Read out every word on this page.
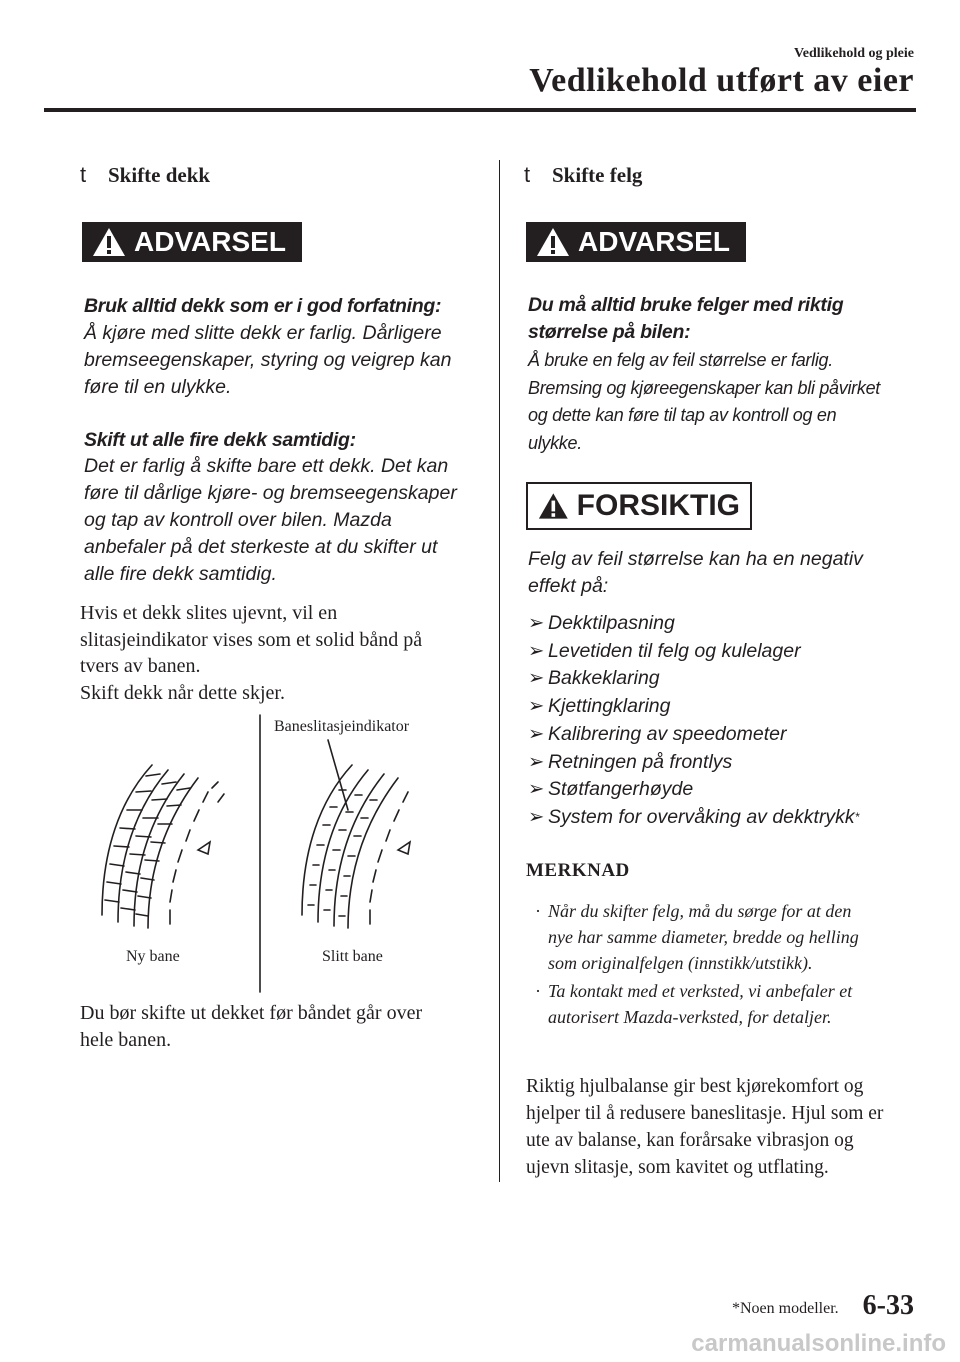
Vedlikehold og pleie
Vedlikehold utført av eier
t	Skifte dekk
ADVARSEL
Bruk alltid dekk som er i god forfatning:
Å kjøre med slitte dekk er farlig. Dårligere
bremseegenskaper, styring og veigrep kan
føre til en ulykke.
Skift ut alle fire dekk samtidig:
Det er farlig å skifte bare ett dekk. Det kan
føre til dårlige kjøre- og bremseegenskaper
og tap av kontroll over bilen. Mazda
anbefaler på det sterkeste at du skifter ut
alle fire dekk samtidig.
Hvis et dekk slites ujevnt, vil en
slitasjeindikator vises som et solid bånd på
tvers av banen.
Skift dekk når dette skjer.
Baneslitasjeindikator
Ny bane	Slitt bane
Du bør skifte ut dekket før båndet går over
hele banen.
t	Skifte felg
ADVARSEL
Du må alltid bruke felger med riktig
størrelse på bilen:
Å bruke en felg av feil størrelse er farlig.
Bremsing og kjøreegenskaper kan bli påvirket
og dette kan føre til tap av kontroll og en
ulykke.
FORSIKTIG
Felg av feil størrelse kan ha en negativ
effekt på:
➢ Dekktilpasning
➢ Levetiden til felg og kulelager
➢ Bakkeklaring
➢ Kjettingklaring
➢ Kalibrering av speedometer
➢ Retningen på frontlys
➢ Støtfangerhøyde
➢ System for overvåking av dekktrykk *
MERKNAD
· Når du skifter felg, må du sørge for at den
nye har samme diameter, bredde og helling
som originalfelgen (innstikk/utstikk).
· Ta kontakt med et verksted, vi anbefaler et
autorisert Mazda-verksted, for detaljer.
Riktig hjulbalanse gir best kjørekomfort og
hjelper til å redusere baneslitasje. Hjul som er
ute av balanse, kan forårsake vibrasjon og
ujevn slitasje, som kavitet og utflating.
*Noen modeller. 6-33
carmanualsonline.info
